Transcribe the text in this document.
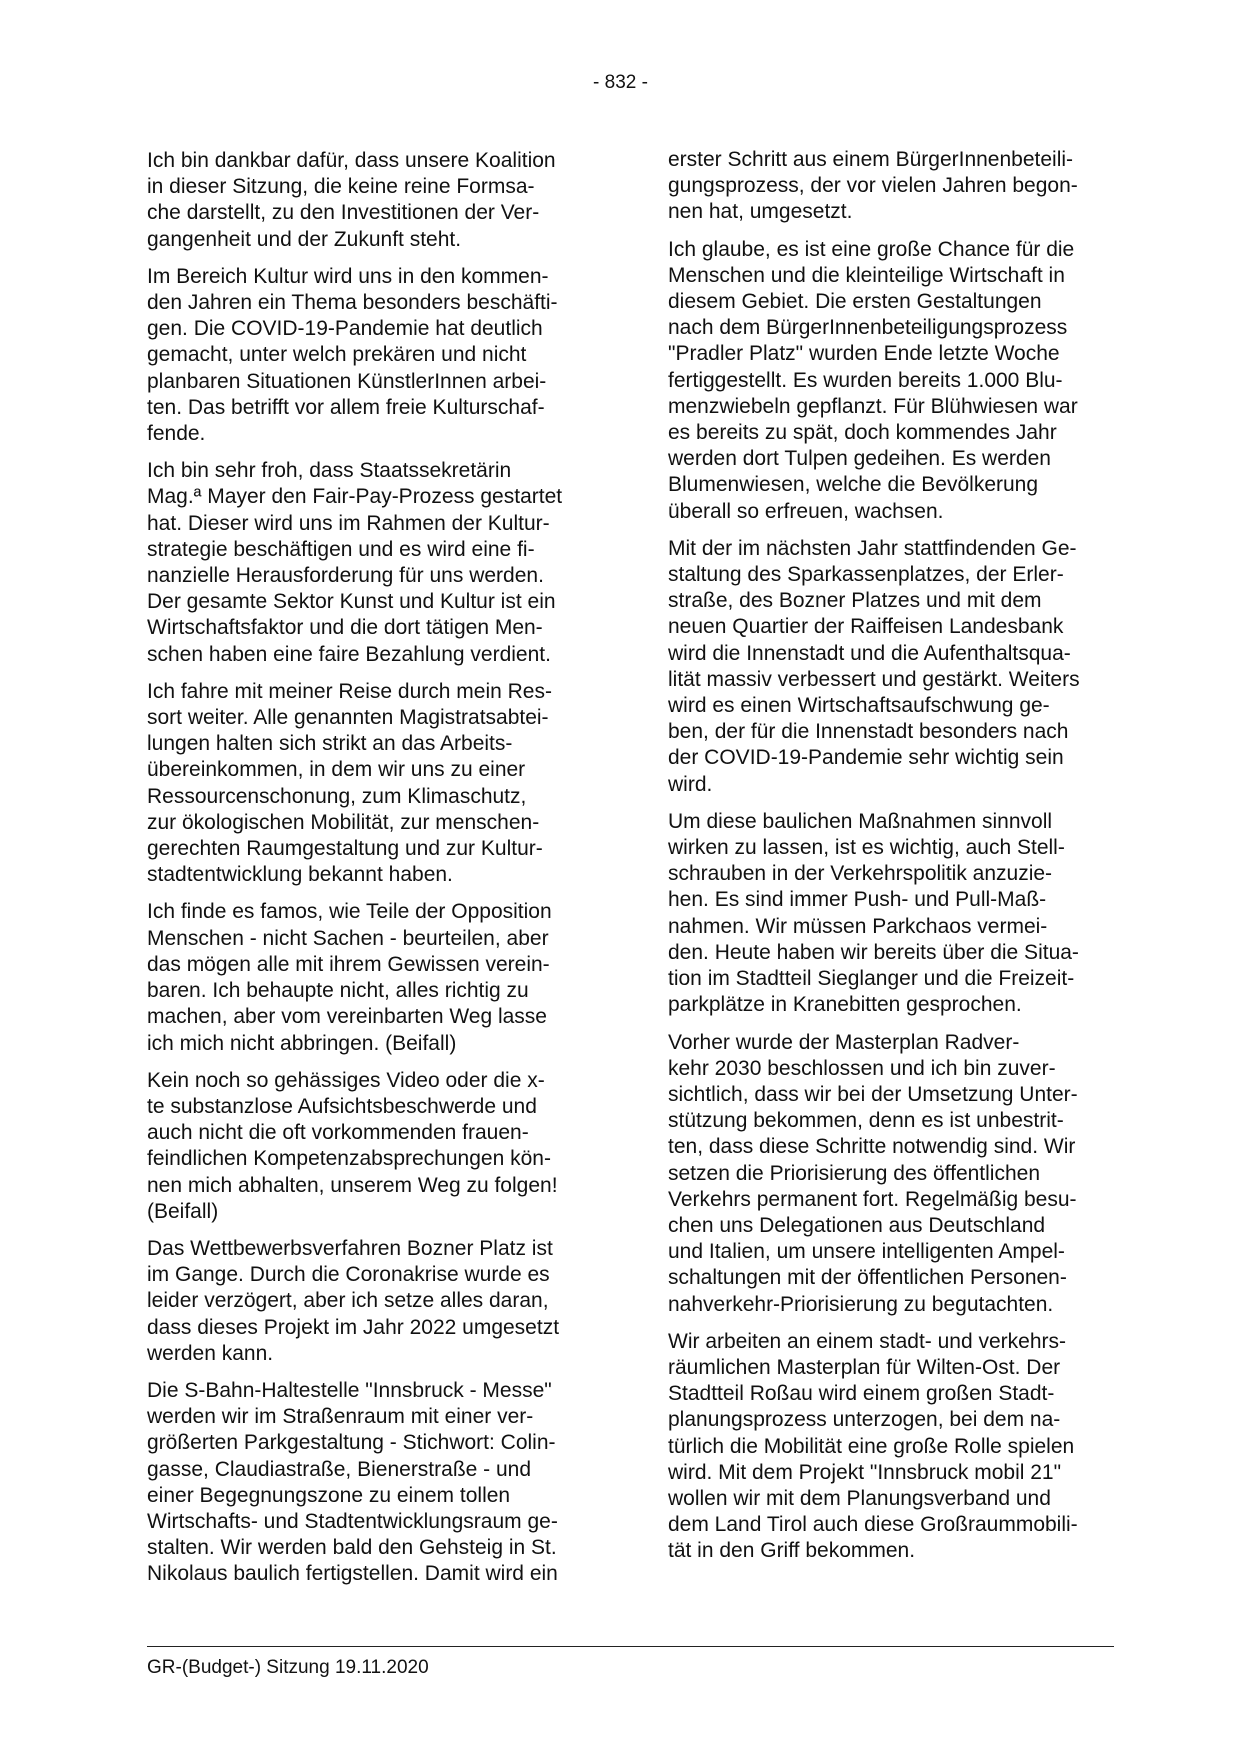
- 832 -

Ich bin dankbar dafür, dass unsere Koalition
in dieser Sitzung, die keine reine Formsa-
che darstellt, zu den Investitionen der Ver-
gangenheit und der Zukunft steht.

Im Bereich Kultur wird uns in den kommen-
den Jahren ein Thema besonders beschäfti-
gen. Die COVID-19-Pandemie hat deutlich
gemacht, unter welch prekären und nicht
planbaren Situationen KünstlerInnen arbei-
ten. Das betrifft vor allem freie Kulturschaf-
fende.

Ich bin sehr froh, dass Staatssekretärin
Mag.ª Mayer den Fair-Pay-Prozess gestartet
hat. Dieser wird uns im Rahmen der Kultur-
strategie beschäftigen und es wird eine fi-
nanzielle Herausforderung für uns werden.
Der gesamte Sektor Kunst und Kultur ist ein
Wirtschaftsfaktor und die dort tätigen Men-
schen haben eine faire Bezahlung verdient.

Ich fahre mit meiner Reise durch mein Res-
sort weiter. Alle genannten Magistratsabtei-
lungen halten sich strikt an das Arbeits-
übereinkommen, in dem wir uns zu einer
Ressourcenschonung, zum Klimaschutz,
zur ökologischen Mobilität, zur menschen-
gerechten Raumgestaltung und zur Kultur-
stadtentwicklung bekannt haben.

Ich finde es famos, wie Teile der Opposition
Menschen - nicht Sachen - beurteilen, aber
das mögen alle mit ihrem Gewissen verein-
baren. Ich behaupte nicht, alles richtig zu
machen, aber vom vereinbarten Weg lasse
ich mich nicht abbringen. (Beifall)

Kein noch so gehässiges Video oder die x-
te substanzlose Aufsichtsbeschwerde und
auch nicht die oft vorkommenden frauen-
feindlichen Kompetenzabsprechungen kön-
nen mich abhalten, unserem Weg zu folgen!
(Beifall)

Das Wettbewerbsverfahren Bozner Platz ist
im Gange. Durch die Coronakrise wurde es
leider verzögert, aber ich setze alles daran,
dass dieses Projekt im Jahr 2022 umgesetzt
werden kann.

Die S-Bahn-Haltestelle "Innsbruck - Messe"
werden wir im Straßenraum mit einer ver-
größerten Parkgestaltung - Stichwort: Colin-
gasse, Claudiastraße, Bienerstraße - und
einer Begegnungszone zu einem tollen
Wirtschafts- und Stadtentwicklungsraum ge-
stalten. Wir werden bald den Gehsteig in St.
Nikolaus baulich fertigstellen. Damit wird ein

erster Schritt aus einem BürgerInnenbeteili-
gungsprozess, der vor vielen Jahren begon-
nen hat, umgesetzt.

Ich glaube, es ist eine große Chance für die
Menschen und die kleinteilige Wirtschaft in
diesem Gebiet. Die ersten Gestaltungen
nach dem BürgerInnenbeteiligungsprozess
"Pradler Platz" wurden Ende letzte Woche
fertiggestellt. Es wurden bereits 1.000 Blu-
menzwiebeln gepflanzt. Für Blühwiesen war
es bereits zu spät, doch kommendes Jahr
werden dort Tulpen gedeihen. Es werden
Blumenwiesen, welche die Bevölkerung
überall so erfreuen, wachsen.

Mit der im nächsten Jahr stattfindenden Ge-
staltung des Sparkassenplatzes, der Erler-
straße, des Bozner Platzes und mit dem
neuen Quartier der Raiffeisen Landesbank
wird die Innenstadt und die Aufenthaltsqua-
lität massiv verbessert und gestärkt. Weiters
wird es einen Wirtschaftsaufschwung ge-
ben, der für die Innenstadt besonders nach
der COVID-19-Pandemie sehr wichtig sein
wird.

Um diese baulichen Maßnahmen sinnvoll
wirken zu lassen, ist es wichtig, auch Stell-
schrauben in der Verkehrspolitik anzuzie-
hen. Es sind immer Push- und Pull-Maß-
nahmen. Wir müssen Parkchaos vermei-
den. Heute haben wir bereits über die Situa-
tion im Stadtteil Sieglanger und die Freizeit-
parkplätze in Kranebitten gesprochen.

Vorher wurde der Masterplan Radver-
kehr 2030 beschlossen und ich bin zuver-
sichtlich, dass wir bei der Umsetzung Unter-
stützung bekommen, denn es ist unbestrit-
ten, dass diese Schritte notwendig sind. Wir
setzen die Priorisierung des öffentlichen
Verkehrs permanent fort. Regelmäßig besu-
chen uns Delegationen aus Deutschland
und Italien, um unsere intelligenten Ampel-
schaltungen mit der öffentlichen Personen-
nahverkehr-Priorisierung zu begutachten.

Wir arbeiten an einem stadt- und verkehrs-
räumlichen Masterplan für Wilten-Ost. Der
Stadtteil Roßau wird einem großen Stadt-
planungsprozess unterzogen, bei dem na-
türlich die Mobilität eine große Rolle spielen
wird. Mit dem Projekt "Innsbruck mobil 21"
wollen wir mit dem Planungsverband und
dem Land Tirol auch diese Großraummobili-
tät in den Griff bekommen.

GR-(Budget-) Sitzung 19.11.2020
